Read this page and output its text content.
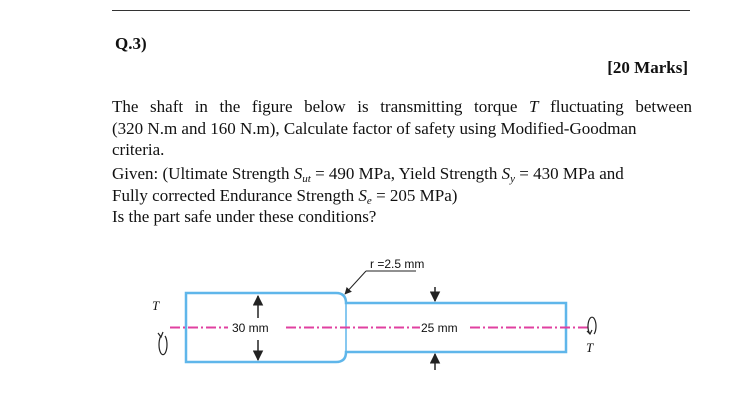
Q.3)
[20 Marks]
The shaft in the figure below is transmitting torque T fluctuating between
(320 N.m and 160 N.m), Calculate factor of safety using Modified-Goodman
criteria.
Given: (Ultimate Strength $S_{ut} = 490$ MPa, Yield Strength $S_y = 430$ MPa and
Fully corrected Endurance Strength $S_e = 205$ MPa)
Is the part safe under these conditions?
30 mm	25 mm
r =2.5 mm
T
T
